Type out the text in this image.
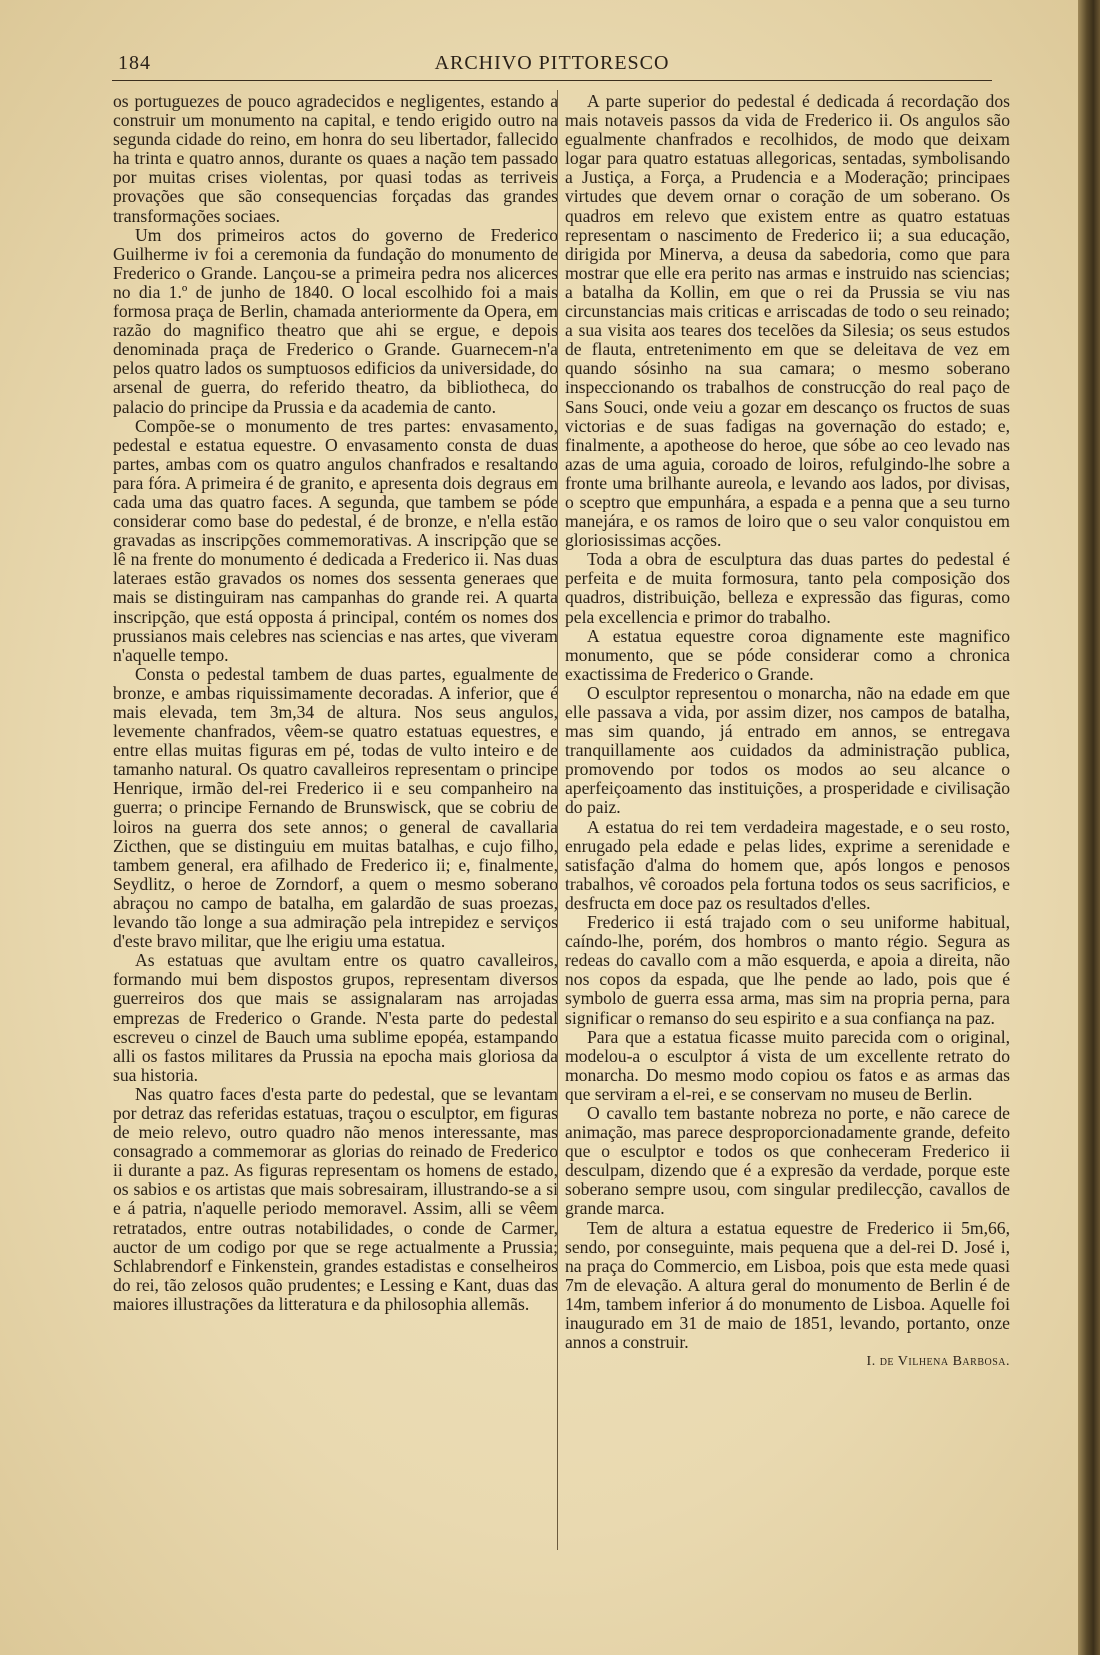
184	ARCHIVO PITTORESCO

os portuguezes de pouco agradecidos e negligentes, estando a construir um monumento na capital, e tendo erigido outro na segunda cidade do reino, em honra do seu libertador, fallecido ha trinta e quatro annos, durante os quaes a nação tem passado por muitas crises violentas, por quasi todas as terriveis provações que são consequencias forçadas das grandes transformações sociaes.

Um dos primeiros actos do governo de Frederico Guilherme iv foi a ceremonia da fundação do monumento de Frederico o Grande. Lançou-se a primeira pedra nos alicerces no dia 1.º de junho de 1840. O local escolhido foi a mais formosa praça de Berlin, chamada anteriormente da Opera, em razão do magnifico theatro que ahi se ergue, e depois denominada praça de Frederico o Grande. Guarnecem-n'a pelos quatro lados os sumptuosos edificios da universidade, do arsenal de guerra, do referido theatro, da bibliotheca, do palacio do principe da Prussia e da academia de canto.

Compõe-se o monumento de tres partes: envasamento, pedestal e estatua equestre. O envasamento consta de duas partes, ambas com os quatro angulos chanfrados e resaltando para fóra. A primeira é de granito, e apresenta dois degraus em cada uma das quatro faces. A segunda, que tambem se póde considerar como base do pedestal, é de bronze, e n'ella estão gravadas as inscripções commemorativas. A inscripção que se lê na frente do monumento é dedicada a Frederico ii. Nas duas lateraes estão gravados os nomes dos sessenta generaes que mais se distinguiram nas campanhas do grande rei. A quarta inscripção, que está opposta á principal, contém os nomes dos prussianos mais celebres nas sciencias e nas artes, que viveram n'aquelle tempo.

Consta o pedestal tambem de duas partes, egualmente de bronze, e ambas riquissimamente decoradas. A inferior, que é mais elevada, tem 3m,34 de altura. Nos seus angulos, levemente chanfrados, vêem-se quatro estatuas equestres, e entre ellas muitas figuras em pé, todas de vulto inteiro e de tamanho natural. Os quatro cavalleiros representam o principe Henrique, irmão del-rei Frederico ii e seu companheiro na guerra; o principe Fernando de Brunswisck, que se cobriu de loiros na guerra dos sete annos; o general de cavallaria Zicthen, que se distinguiu em muitas batalhas, e cujo filho, tambem general, era afilhado de Frederico ii; e, finalmente, Seydlitz, o heroe de Zorndorf, a quem o mesmo soberano abraçou no campo de batalha, em galardão de suas proezas, levando tão longe a sua admiração pela intrepidez e serviços d'este bravo militar, que lhe erigiu uma estatua.

As estatuas que avultam entre os quatro cavalleiros, formando mui bem dispostos grupos, representam diversos guerreiros dos que mais se assignalaram nas arrojadas emprezas de Frederico o Grande. N'esta parte do pedestal escreveu o cinzel de Bauch uma sublime epopéa, estampando alli os fastos militares da Prussia na epocha mais gloriosa da sua historia.

Nas quatro faces d'esta parte do pedestal, que se levantam por detraz das referidas estatuas, traçou o esculptor, em figuras de meio relevo, outro quadro não menos interessante, mas consagrado a commemorar as glorias do reinado de Frederico ii durante a paz. As figuras representam os homens de estado, os sabios e os artistas que mais sobresairam, illustrando-se a si e á patria, n'aquelle periodo memoravel. Assim, alli se vêem retratados, entre outras notabilidades, o conde de Carmer, auctor de um codigo por que se rege actualmente a Prussia; Schlabrendorf e Finkenstein, grandes estadistas e conselheiros do rei, tão zelosos quão prudentes; e Lessing e Kant, duas das maiores illustrações da litteratura e da philosophia allemãs.

A parte superior do pedestal é dedicada á recordação dos mais notaveis passos da vida de Frederico ii. Os angulos são egualmente chanfrados e recolhidos, de modo que deixam logar para quatro estatuas allegoricas, sentadas, symbolisando a Justiça, a Força, a Prudencia e a Moderação; principaes virtudes que devem ornar o coração de um soberano. Os quadros em relevo que existem entre as quatro estatuas representam o nascimento de Frederico ii; a sua educação, dirigida por Minerva, a deusa da sabedoria, como que para mostrar que elle era perito nas armas e instruido nas sciencias; a batalha da Kollin, em que o rei da Prussia se viu nas circunstancias mais criticas e arriscadas de todo o seu reinado; a sua visita aos teares dos tecelões da Silesia; os seus estudos de flauta, entretenimento em que se deleitava de vez em quando sósinho na sua camara; o mesmo soberano inspeccionando os trabalhos de construcção do real paço de Sans Souci, onde veiu a gozar em descanço os fructos de suas victorias e de suas fadigas na governação do estado; e, finalmente, a apotheose do heroe, que sóbe ao ceo levado nas azas de uma aguia, coroado de loiros, refulgindo-lhe sobre a fronte uma brilhante aureola, e levando aos lados, por divisas, o sceptro que empunhára, a espada e a penna que a seu turno manejára, e os ramos de loiro que o seu valor conquistou em gloriosissimas acções.

Toda a obra de esculptura das duas partes do pedestal é perfeita e de muita formosura, tanto pela composição dos quadros, distribuição, belleza e expressão das figuras, como pela excellencia e primor do trabalho.

A estatua equestre coroa dignamente este magnifico monumento, que se póde considerar como a chronica exactissima de Frederico o Grande.

O esculptor representou o monarcha, não na edade em que elle passava a vida, por assim dizer, nos campos de batalha, mas sim quando, já entrado em annos, se entregava tranquillamente aos cuidados da administração publica, promovendo por todos os modos ao seu alcance o aperfeiçoamento das instituições, a prosperidade e civilisação do paiz.

A estatua do rei tem verdadeira magestade, e o seu rosto, enrugado pela edade e pelas lides, exprime a serenidade e satisfação d'alma do homem que, após longos e penosos trabalhos, vê coroados pela fortuna todos os seus sacrificios, e desfructa em doce paz os resultados d'elles.

Frederico ii está trajado com o seu uniforme habitual, caíndo-lhe, porém, dos hombros o manto régio. Segura as redeas do cavallo com a mão esquerda, e apoia a direita, não nos copos da espada, que lhe pende ao lado, pois que é symbolo de guerra essa arma, mas sim na propria perna, para significar o remanso do seu espirito e a sua confiança na paz.

Para que a estatua ficasse muito parecida com o original, modelou-a o esculptor á vista de um excellente retrato do monarcha. Do mesmo modo copiou os fatos e as armas das que serviram a el-rei, e se conservam no museu de Berlin.

O cavallo tem bastante nobreza no porte, e não carece de animação, mas parece desproporcionadamente grande, defeito que o esculptor e todos os que conheceram Frederico ii desculpam, dizendo que é a expresão da verdade, porque este soberano sempre usou, com singular predilecção, cavallos de grande marca.

Tem de altura a estatua equestre de Frederico ii 5m,66, sendo, por conseguinte, mais pequena que a del-rei D. José i, na praça do Commercio, em Lisboa, pois que esta mede quasi 7m de elevação. A altura geral do monumento de Berlin é de 14m, tambem inferior á do monumento de Lisboa. Aquelle foi inaugurado em 31 de maio de 1851, levando, portanto, onze annos a construir.

I. de Vilhena Barbosa.
